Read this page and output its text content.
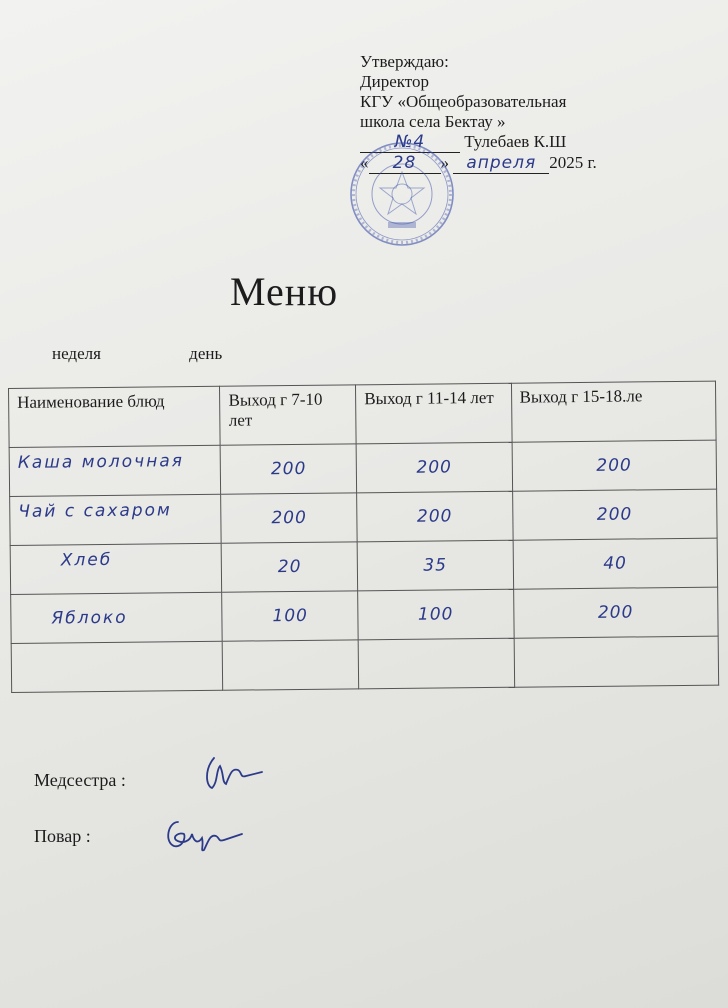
Утверждаю:
Директор
КГУ «Общеобразовательная
школа села Бектау »
№4 Тулебаев К.Ш
« 28 » апреля 2025 г.
Меню
неделя	день
Наименование блюд	Выход г 7-10 лет	Выход г 11-14 лет	Выход г 15-18.ле
Каша молочная	200	200	200
Чай с сахаром	200	200	200
Хлеб	20	35	40
Яблоко	100	100	200

Медсестра :
Повар :
